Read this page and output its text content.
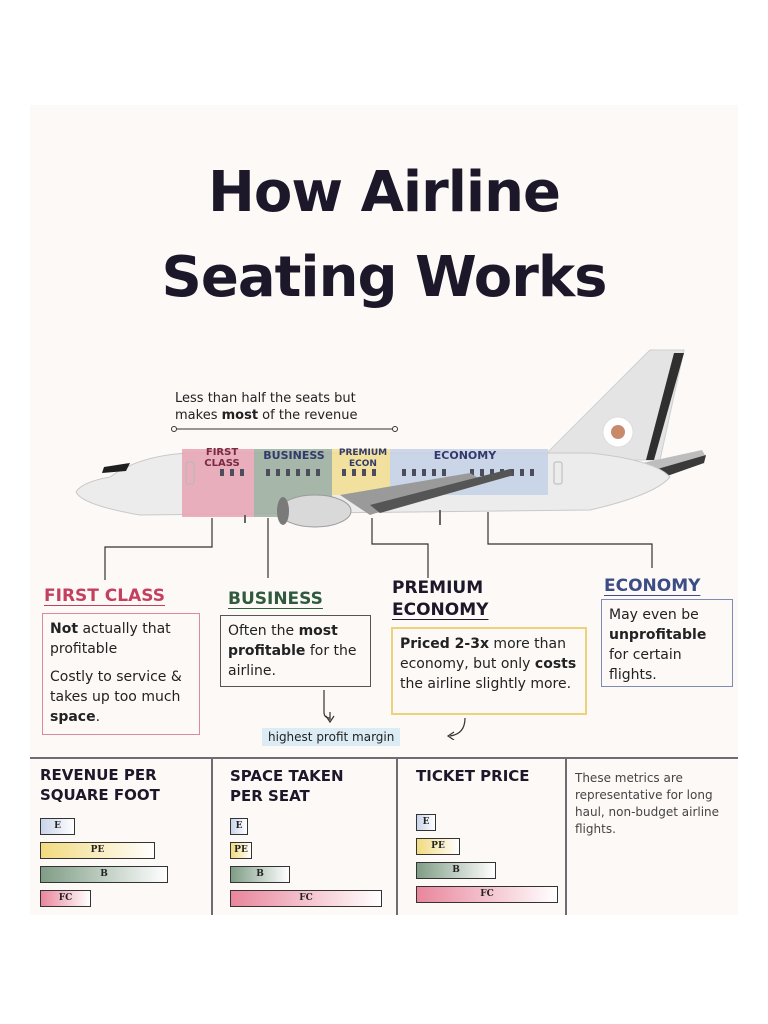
How Airline
Seating Works
Less than half the seats but
makes most of the revenue
FIRST CLASS
BUSINESS	PREMIUM ECON
ECONOMY
FIRST CLASS	BUSINESS
PREMIUM
ECONOMY
ECONOMY

Not actually that profitable

Costly to service & takes up too much space.

Often the most profitable for the airline.

Priced 2-3x more than economy, but only costs the airline slightly more.

May even be unprofitable for certain flights.

highest profit margin
REVENUE PER
SQUARE FOOT
E
PE
B
FC
SPACE TAKEN
PER SEAT
E
PE
B
FC
TICKET PRICE
E
PE
B
FC
These metrics are representative for long haul, non-budget airline flights.
